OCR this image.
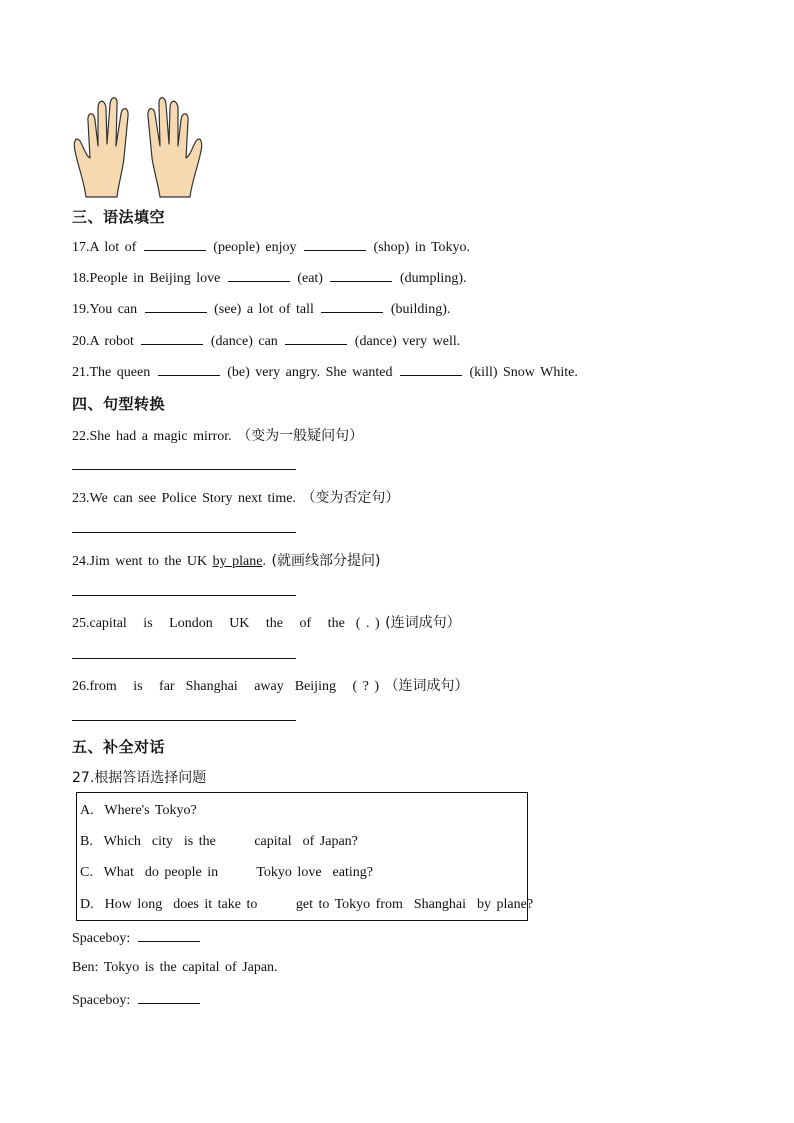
三、语法填空
17.A lot of	(people) enjoy	(shop) in Tokyo.
18.People in Beijing love	(eat)	(dumpling).
19.You can	(see) a lot of tall	(building).
20.A robot	(dance) can	(dance) very well.
21.The queen	(be) very angry. She wanted	(kill) Snow White.
四、句型转换
22.She had a magic mirror. （变为一般疑问句）
23.We can see Police Story next time. （变为否定句）
24.Jim went to the UK by plane. (就画线部分提问)
25.capital   is   London   UK   the   of   the  ( . ) (连词成句）
26.from   is   far  Shanghai   away  Beijing   ( ? ) （连词成句）
五、补全对话
27.根据答语选择问题
A.  Where's Tokyo?
B.  Which  city  is the       capital  of Japan?
C.  What  do people in       Tokyo love  eating?
D.  How long  does it take to       get to Tokyo from  Shanghai  by plane?
Spaceboy:
Ben: Tokyo is the capital of Japan.
Spaceboy:
